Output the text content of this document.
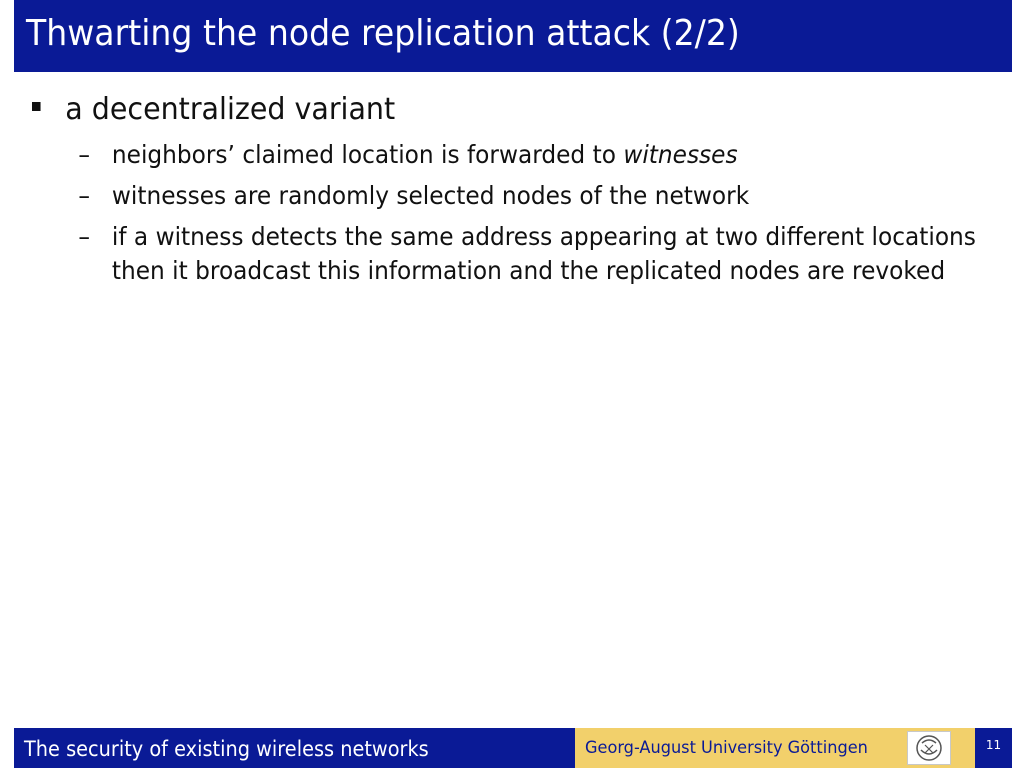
Thwarting the node replication attack (2/2)
a decentralized variant
– neighbors’ claimed location is forwarded to witnesses
– witnesses are randomly selected nodes of the network
– if a witness detects the same address appearing at two different locations then it broadcast this information and the replicated nodes are revoked
The security of existing wireless networks	Georg-August University Göttingen	11
